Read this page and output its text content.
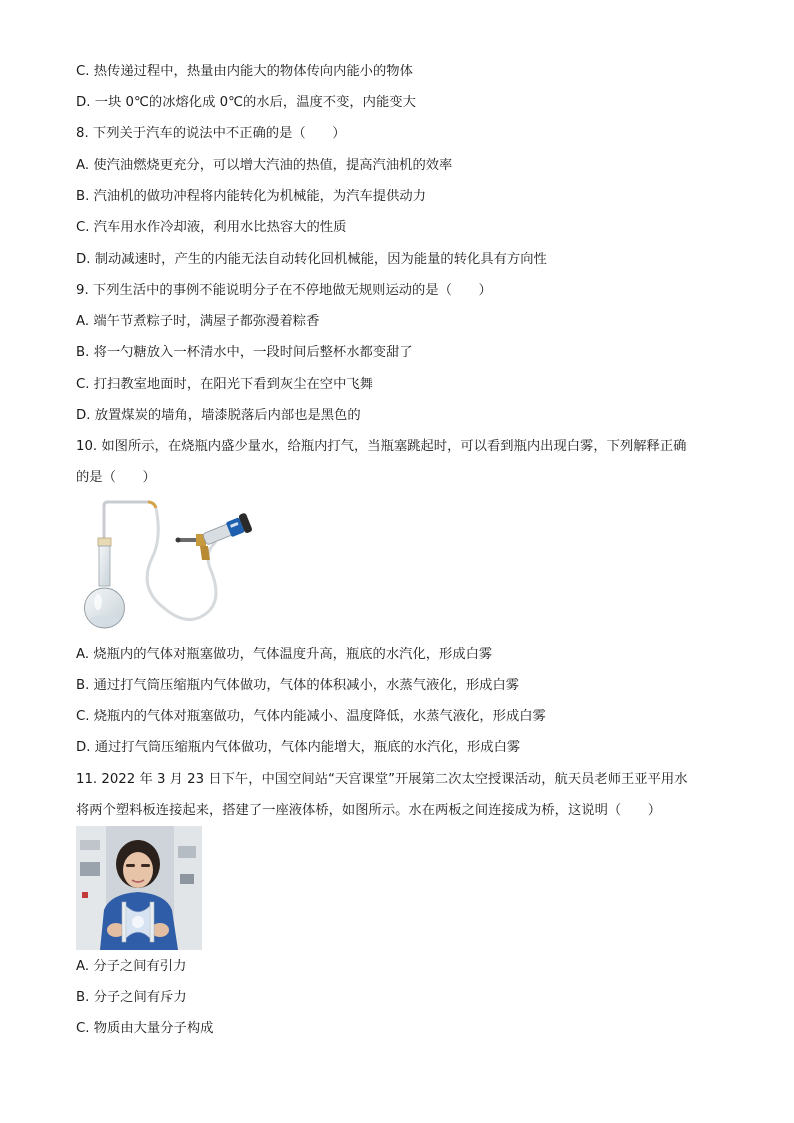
C. 热传递过程中，热量由内能大的物体传向内能小的物体
D. 一块 0℃的冰熔化成 0℃的水后，温度不变，内能变大
8. 下列关于汽车的说法中不正确的是（　　）
A. 使汽油燃烧更充分，可以增大汽油的热值，提高汽油机的效率
B. 汽油机的做功冲程将内能转化为机械能，为汽车提供动力
C. 汽车用水作冷却液，利用水比热容大的性质
D. 制动减速时，产生的内能无法自动转化回机械能，因为能量的转化具有方向性
9. 下列生活中的事例不能说明分子在不停地做无规则运动的是（　　）
A. 端午节煮粽子时，满屋子都弥漫着粽香
B. 将一勺糖放入一杯清水中，一段时间后整杯水都变甜了
C. 打扫教室地面时，在阳光下看到灰尘在空中飞舞
D. 放置煤炭的墙角，墙漆脱落后内部也是黑色的
10. 如图所示，在烧瓶内盛少量水，给瓶内打气，当瓶塞跳起时，可以看到瓶内出现白雾，下列解释正确
的是（　　）
A. 烧瓶内的气体对瓶塞做功，气体温度升高，瓶底的水汽化，形成白雾
B. 通过打气筒压缩瓶内气体做功，气体的体积减小，水蒸气液化，形成白雾
C. 烧瓶内的气体对瓶塞做功，气体内能减小、温度降低，水蒸气液化，形成白雾
D. 通过打气筒压缩瓶内气体做功，气体内能增大，瓶底的水汽化，形成白雾
11. 2022 年 3 月 23 日下午，中国空间站“天宫课堂”开展第二次太空授课活动，航天员老师王亚平用水
将两个塑料板连接起来，搭建了一座液体桥，如图所示。水在两板之间连接成为桥，这说明（　　）
A. 分子之间有引力
B. 分子之间有斥力
C. 物质由大量分子构成
